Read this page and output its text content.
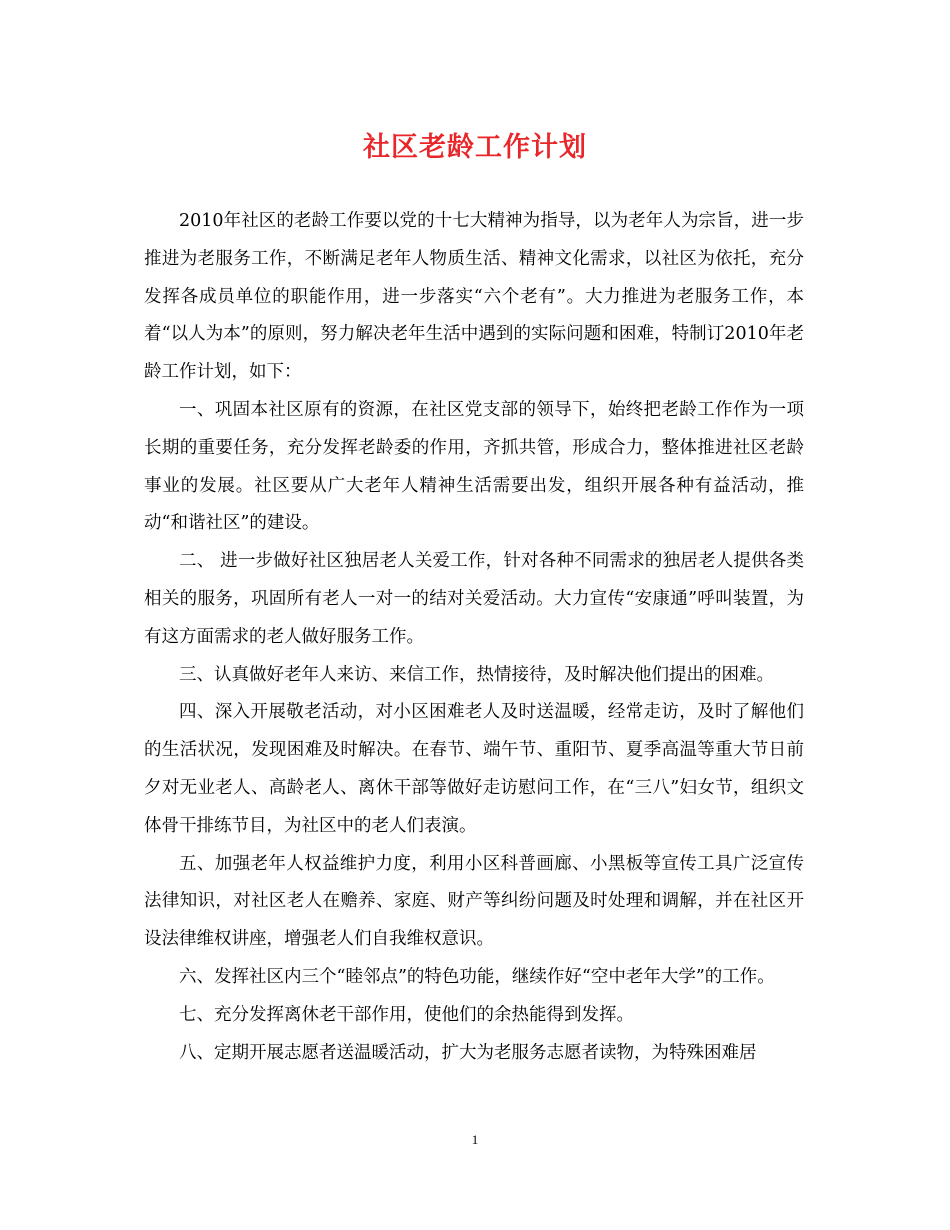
社区老龄工作计划

2010年社区的老龄工作要以党的十七大精神为指导，以为老年人为宗旨，进一步推进为老服务工作，不断满足老年人物质生活、精神文化需求，以社区为依托，充分发挥各成员单位的职能作用，进一步落实“六个老有”。大力推进为老服务工作，本着“以人为本”的原则，努力解决老年生活中遇到的实际问题和困难，特制订2010年老龄工作计划，如下：

一、巩固本社区原有的资源，在社区党支部的领导下，始终把老龄工作作为一项长期的重要任务，充分发挥老龄委的作用，齐抓共管，形成合力，整体推进社区老龄事业的发展。社区要从广大老年人精神生活需要出发，组织开展各种有益活动，推动“和谐社区”的建设。

二、 进一步做好社区独居老人关爱工作，针对各种不同需求的独居老人提供各类相关的服务，巩固所有老人一对一的结对关爱活动。大力宣传“安康通”呼叫装置，为有这方面需求的老人做好服务工作。

三、认真做好老年人来访、来信工作，热情接待，及时解决他们提出的困难。

四、深入开展敬老活动，对小区困难老人及时送温暖，经常走访，及时了解他们的生活状况，发现困难及时解决。在春节、端午节、重阳节、夏季高温等重大节日前夕对无业老人、高龄老人、离休干部等做好走访慰问工作，在“三八”妇女节，组织文体骨干排练节目，为社区中的老人们表演。

五、加强老年人权益维护力度，利用小区科普画廊、小黑板等宣传工具广泛宣传法律知识，对社区老人在赡养、家庭、财产等纠纷问题及时处理和调解，并在社区开设法律维权讲座，增强老人们自我维权意识。

六、发挥社区内三个“睦邻点”的特色功能，继续作好“空中老年大学”的工作。

七、充分发挥离休老干部作用，使他们的余热能得到发挥。

八、定期开展志愿者送温暖活动，扩大为老服务志愿者读物，为特殊困难居

1
